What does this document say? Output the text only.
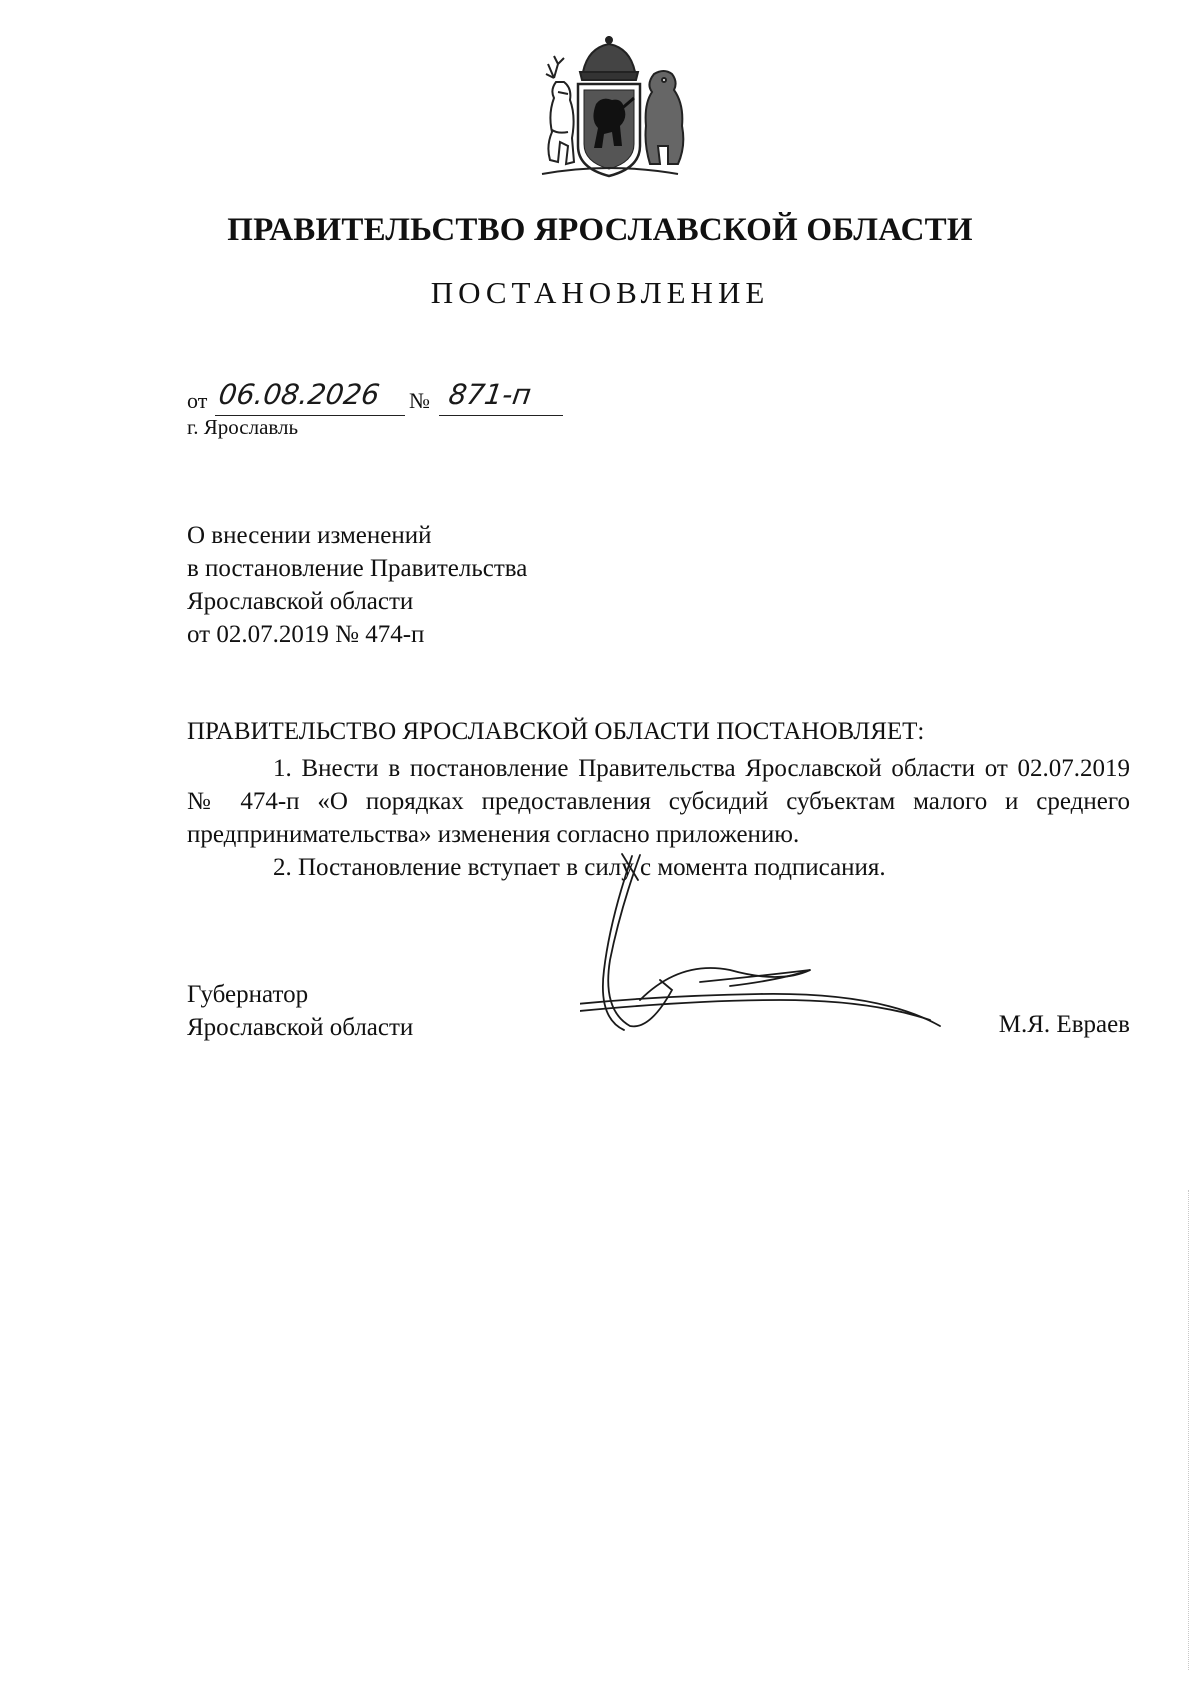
ПРАВИТЕЛЬСТВО ЯРОСЛАВСКОЙ ОБЛАСТИ
ПОСТАНОВЛЕНИЕ
от 06.08.2026 № 871-п
г. Ярославль
О внесении изменений
в постановление Правительства
Ярославской области
от 02.07.2019 № 474-п
ПРАВИТЕЛЬСТВО ЯРОСЛАВСКОЙ ОБЛАСТИ ПОСТАНОВЛЯЕТ:

1. Внести в постановление Правительства Ярославской области от 02.07.2019 № 474-п «О порядках предоставления субсидий субъектам малого и среднего предпринимательства» изменения согласно приложению.

2. Постановление вступает в силу с момента подписания.

Губернатор
Ярославской области	М.Я. Евраев
